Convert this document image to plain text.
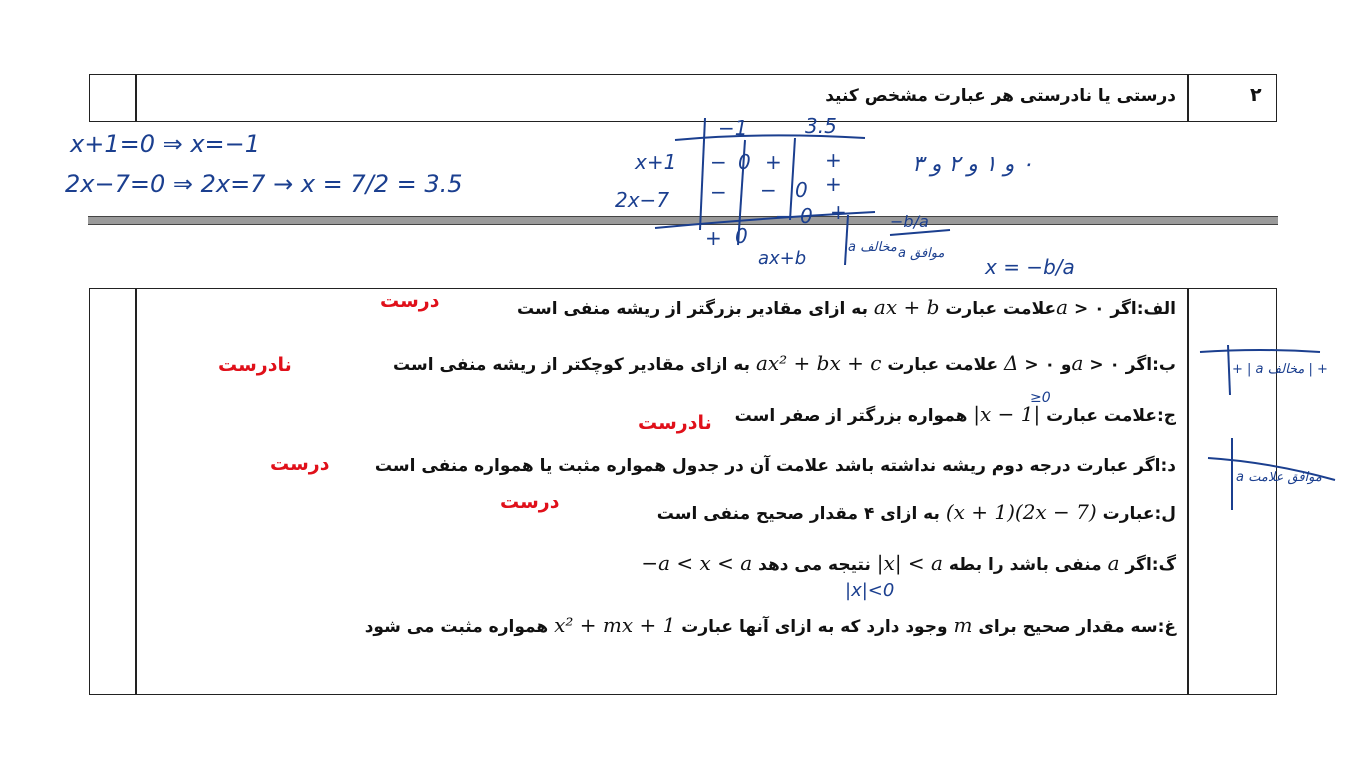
۲
درستی یا نادرستی هر عبارت مشخص کنید
الف:اگر ۰ < aعلامت عبارت ax + b به ازای مقادیر بزرگتر از ریشه منفی است
درست
ب:اگر ۰ < aو ۰ < Δ علامت عبارت ax² + bx + c به ازای مقادیر کوچکتر از ریشه منفی است
نادرست
ج:علامت عبارت |x − 1| همواره بزرگتر از صفر است
نادرست
د:اگر عبارت درجه دوم ریشه نداشته باشد علامت آن در جدول همواره مثبت یا همواره منفی است
درست
ل:عبارت (x + 1)(2x − 7) به ازای ۴ مقدار صحیح منفی است
درست
گ:اگر a منفی باشد را بطه |x| < a نتیجه می دهد −a < x < a
غ:سه مقدار صحیح برای m وجود دارد که به ازای آنها عبارت x² + mx + 1 همواره مثبت می شود
x+1=0 ⇒ x=−1
2x−7=0 ⇒ 2x=7 → x = 7/2 = 3.5
−1	3.5
x+1 − 0 + +
2x−7 − − 0 +
+ 0
− 0 +
۰ و ۱ و ۲ و ۳
ax+b
مخالف a موافق a
−b/a
x = −b/a
≥0
|x|<0
+ | مخالف a | +
موافق علامت a
